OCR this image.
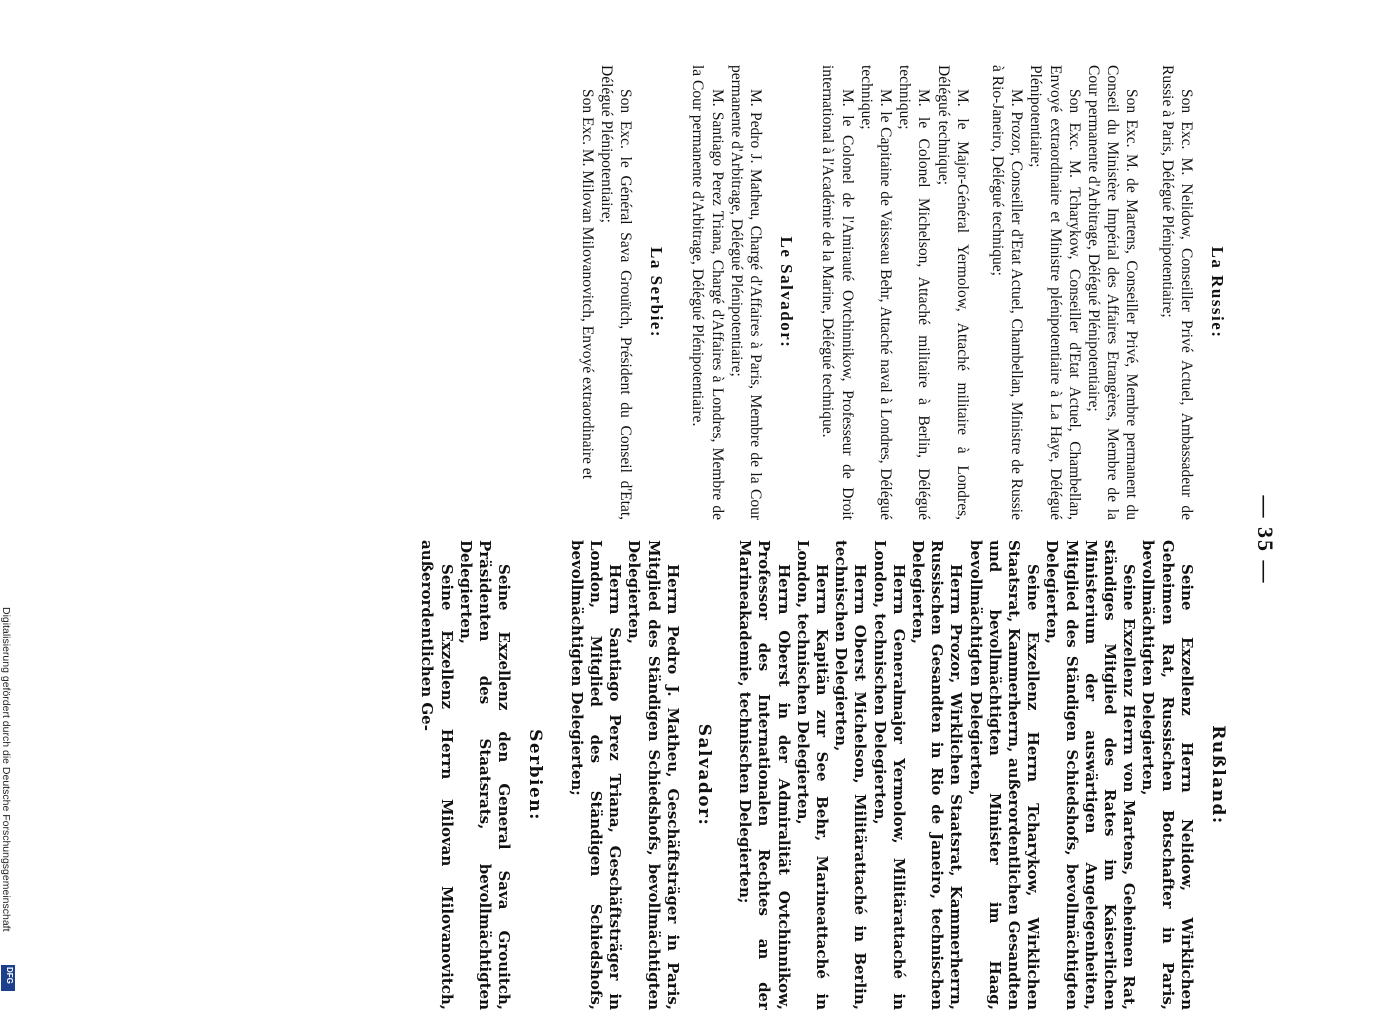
— 35 —
La Russie:

Son Exc. M. Nelidow, Conseiller Privé Actuel, Ambassadeur de Russie à Paris, Délégué Plénipotentiaire;

Son Exc. M. de Martens, Conseiller Privé, Membre permanent du Conseil du Ministère Impérial des Affaires Etrangères, Membre de la Cour permanente d'Arbitrage, Délégué Plénipotentiaire;

Son Exc. M. Tcharykow, Conseiller d'Etat Actuel, Chambellan, Envoyé extraordinaire et Ministre plénipotentiaire à La Haye, Délégué Plénipotentiaire;

M. Prozor, Conseiller d'Etat Actuel, Chambellan, Ministre de Russie à Rio-Janeiro, Délégué technique;

M. le Major-Général Yermolow, Attaché militaire à Londres, Délégué technique;

M. le Colonel Michelson, Attaché militaire à Berlin, Délégué technique;

M. le Capitaine de Vaisseau Behr, Attaché naval à Londres, Délégué technique;

M. le Colonel de l'Amirauté Ovtchinnikow, Professeur de Droit international à l'Académie de la Marine, Délégué technique.

Le Salvador:

M. Pedro J. Matheu, Chargé d'Affaires à Paris, Membre de la Cour permanente d'Arbitrage, Délégué Plénipotentiaire;

M. Santiago Perez Triana, Chargé d'Affaires à Londres, Membre de la Cour permanente d'Arbitrage, Délégué Plénipotentiaire.

La Serbie:

Son Exc. le Général Sava Grouïtch, Président du Conseil d'Etat, Délégué Plénipotentiaire;

Son Exc. M. Milovan Milovanovitch, Envoyé extraordinaire et

Rußland:

Seine Exzellenz Herrn Nelidow, Wirklichen Geheimen Rat, Russischen Botschafter in Paris, bevollmächtigten Delegierten,

Seine Exzellenz Herrn von Martens, Geheimen Rat, ständiges Mitglied des Rates im Kaiserlichen Ministerium der auswärtigen Angelegenheiten, Mitglied des Ständigen Schiedshofs, bevollmächtigten Delegierten,

Seine Exzellenz Herrn Tcharykow, Wirklichen Staatsrat, Kammerherrn, außerordentlichen Gesandten und bevollmächtigten Minister im Haag, bevollmächtigten Delegierten,

Herrn Prozor, Wirklichen Staatsrat, Kammerherrn, Russischen Gesandten in Rio de Janeiro, technischen Delegierten,

Herrn Generalmajor Yermolow, Militärattaché in London, technischen Delegierten,

Herrn Oberst Michelson, Militärattaché in Berlin, technischen Delegierten,

Herrn Kapitän zur See Behr, Marineattaché in London, technischen Delegierten,

Herrn Oberst in der Admiralität Ovtchinnikow, Professor des Internationalen Rechtes an der Marineakademie, technischen Delegierten;

Salvador:

Herrn Pedro J. Matheu, Geschäftsträger in Paris, Mitglied des Ständigen Schiedshofs, bevollmächtigten Delegierten,

Herrn Santiago Perez Triana, Geschäftsträger in London, Mitglied des Ständigen Schiedshofs, bevollmächtigten Delegierten;

Serbien:

Seine Exzellenz den General Sava Grouitch, Präsidenten des Staatsrats, bevollmächtigten Delegierten,

Seine Exzellenz Herrn Milovan Milovanovitch, außerordentlichen Ge-

Digitalisierung gefördert durch die Deutsche Forschungsgemeinschaft
DFG
